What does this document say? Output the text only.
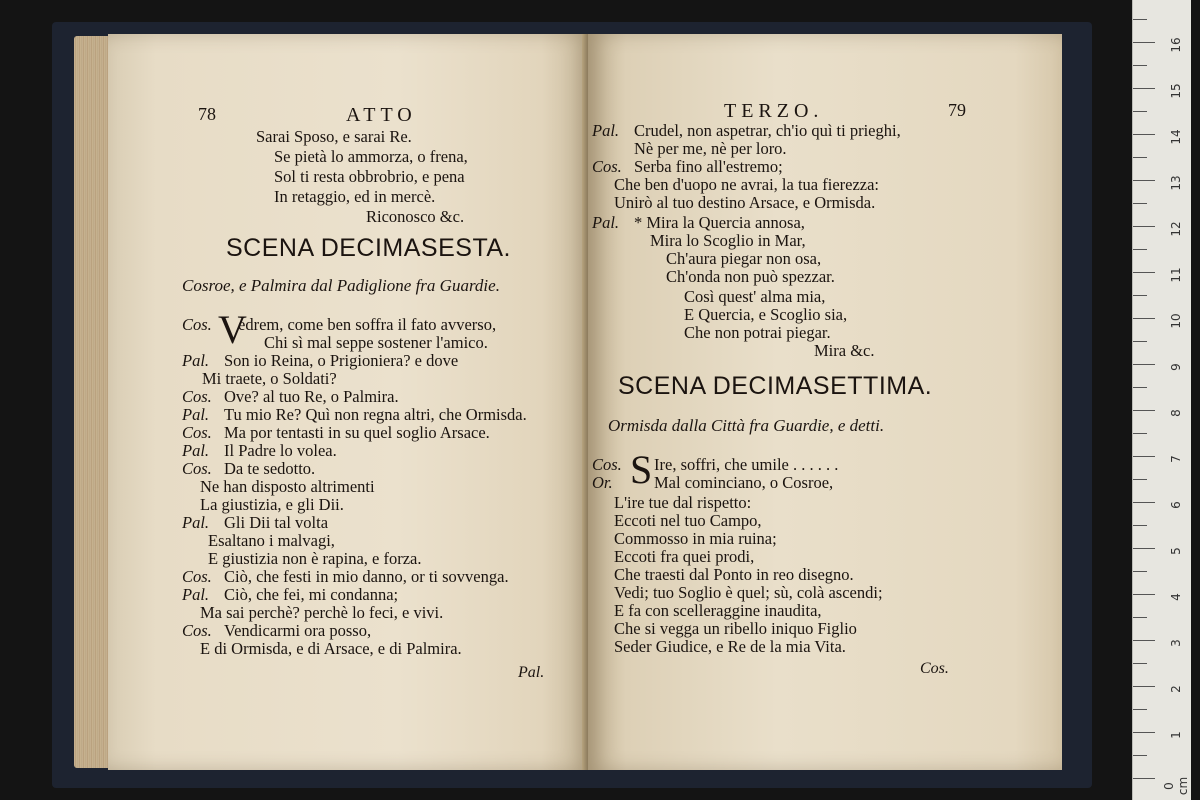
78	ATTO
Sarai Sposo, e sarai Re.
Se pietà lo ammorza, o frena,
Sol ti resta obbrobrio, e pena
In retaggio, ed in mercè.
Riconosco &c.
SCENA DECIMASESTA.
Cosroe, e Palmira dal Padiglione fra Guardie.
V
Cos. edrem, come ben soffra il fato avverso,
Chi sì mal seppe sostener l'amico.
Pal. Son io Reina, o Prigioniera? e dove
Mi traete, o Soldati?
Cos. Ove? al tuo Re, o Palmira.
Pal. Tu mio Re? Quì non regna altri, che Ormisda.
Cos. Ma por tentasti in su quel soglio Arsace.
Pal. Il Padre lo volea.
Cos. Da te sedotto.
Ne han disposto altrimenti
La giustizia, e gli Dii.
Pal. Gli Dii tal volta
Esaltano i malvagi,
E giustizia non è rapina, e forza.
Cos. Ciò, che festi in mio danno, or ti sovvenga.
Pal. Ciò, che fei, mi condanna;
Ma sai perchè? perchè lo feci, e vivi.
Cos. Vendicarmi ora posso,
E di Ormisda, e di Arsace, e di Palmira.
Pal.
TERZO.	79
Pal. Crudel, non aspetrar, ch'io quì ti prieghi,
Nè per me, nè per loro.
Cos. Serba fino all'estremo;
Che ben d'uopo ne avrai, la tua fierezza:
Unirò al tuo destino Arsace, e Ormisda.
Pal. * Mira la Quercia annosa,
Mira lo Scoglio in Mar,
Ch'aura piegar non osa,
Ch'onda non può spezzar.
Così quest' alma mia,
E Quercia, e Scoglio sia,
Che non potrai piegar.
Mira &c.
SCENA DECIMASETTIMA.
Ormisda dalla Città fra Guardie, e detti.
S
Cos. Ire, soffri, che umile . . . . . .
Or.	Mal cominciano, o Cosroe,
L'ire tue dal rispetto:
Eccoti nel tuo Campo,
Commosso in mia ruina;
Eccoti fra quei prodi,
Che traesti dal Ponto in reo disegno.
Vedi; tuo Soglio è quel; sù, colà ascendi;
E fa con scelleraggine inaudita,
Che si vegga un ribello iniquo Figlio
Seder Giudice, e Re de la mia Vita.
Cos.
0 cm
1
2
3
4
5
6
7
8
9
10
11
12
13
14
15
16
